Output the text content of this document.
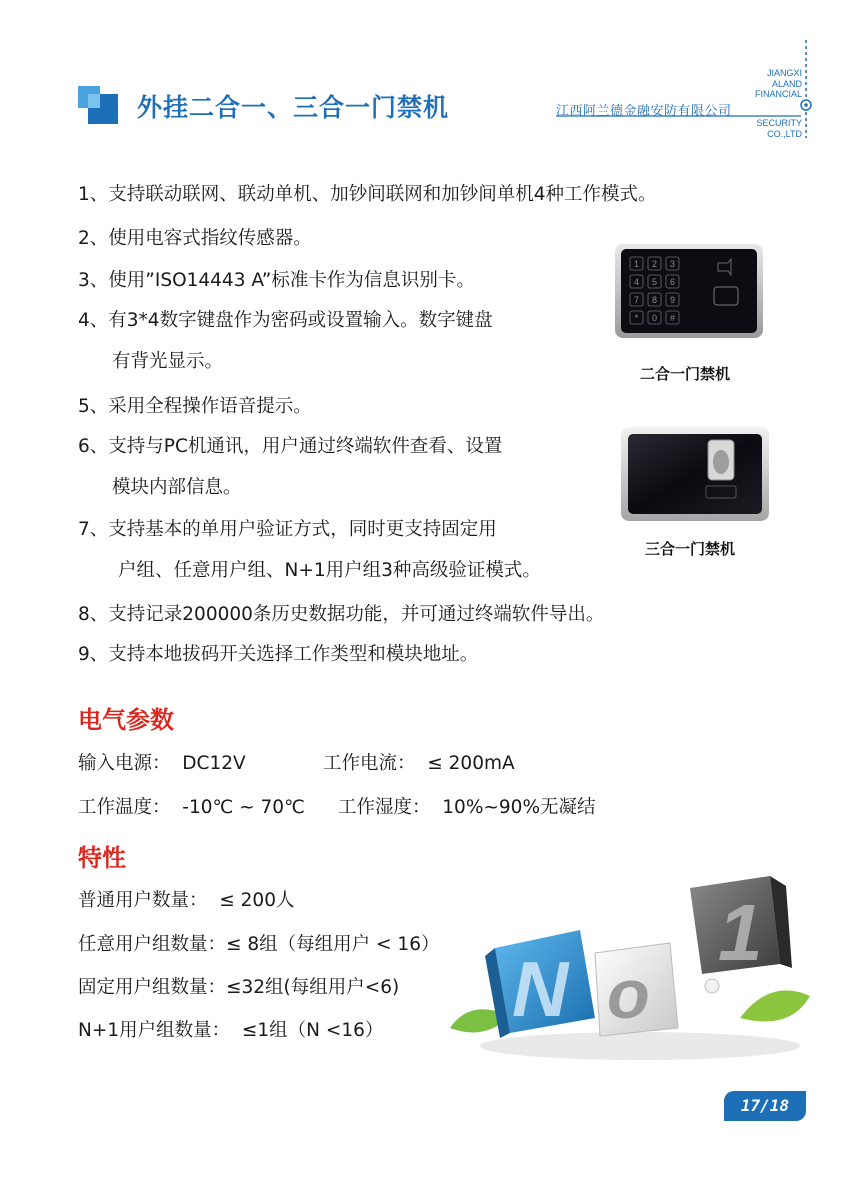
外挂二合一、三合一门禁机
JIANGXI
ALAND
FINANCIAL
江西阿兰德金融安防有限公司
SECURITY
CO.,LTD
1、支持联动联网、联动单机、加钞间联网和加钞间单机4种工作模式。
2、使用电容式指纹传感器。
3、使用”ISO14443 A”标准卡作为信息识别卡。
4、有3*4数字键盘作为密码或设置输入。数字键盘
有背光显示。
5、采用全程操作语音提示。
6、支持与PC机通讯，用户通过终端软件查看、设置
模块内部信息。
7、支持基本的单用户验证方式，同时更支持固定用
户组、任意用户组、N+1用户组3种高级验证模式。
8、支持记录200000条历史数据功能，并可通过终端软件导出。
9、支持本地拔码开关选择工作类型和模块地址。
1 2 3
4 5 6
7 8 9
* 0 #
二合一门禁机
三合一门禁机
电气参数
输入电源： DC12V	工作电流： ≤ 200mA
工作温度： -10℃ ~ 70℃ 工作湿度： 10%~90%无凝结
特性
普通用户数量： ≤ 200人
任意用户组数量：≤ 8组（每组用户 < 16）
固定用户组数量：≤32组(每组用户<6)
N+1用户组数量： ≤1组（N <16） N o
1
17/18
